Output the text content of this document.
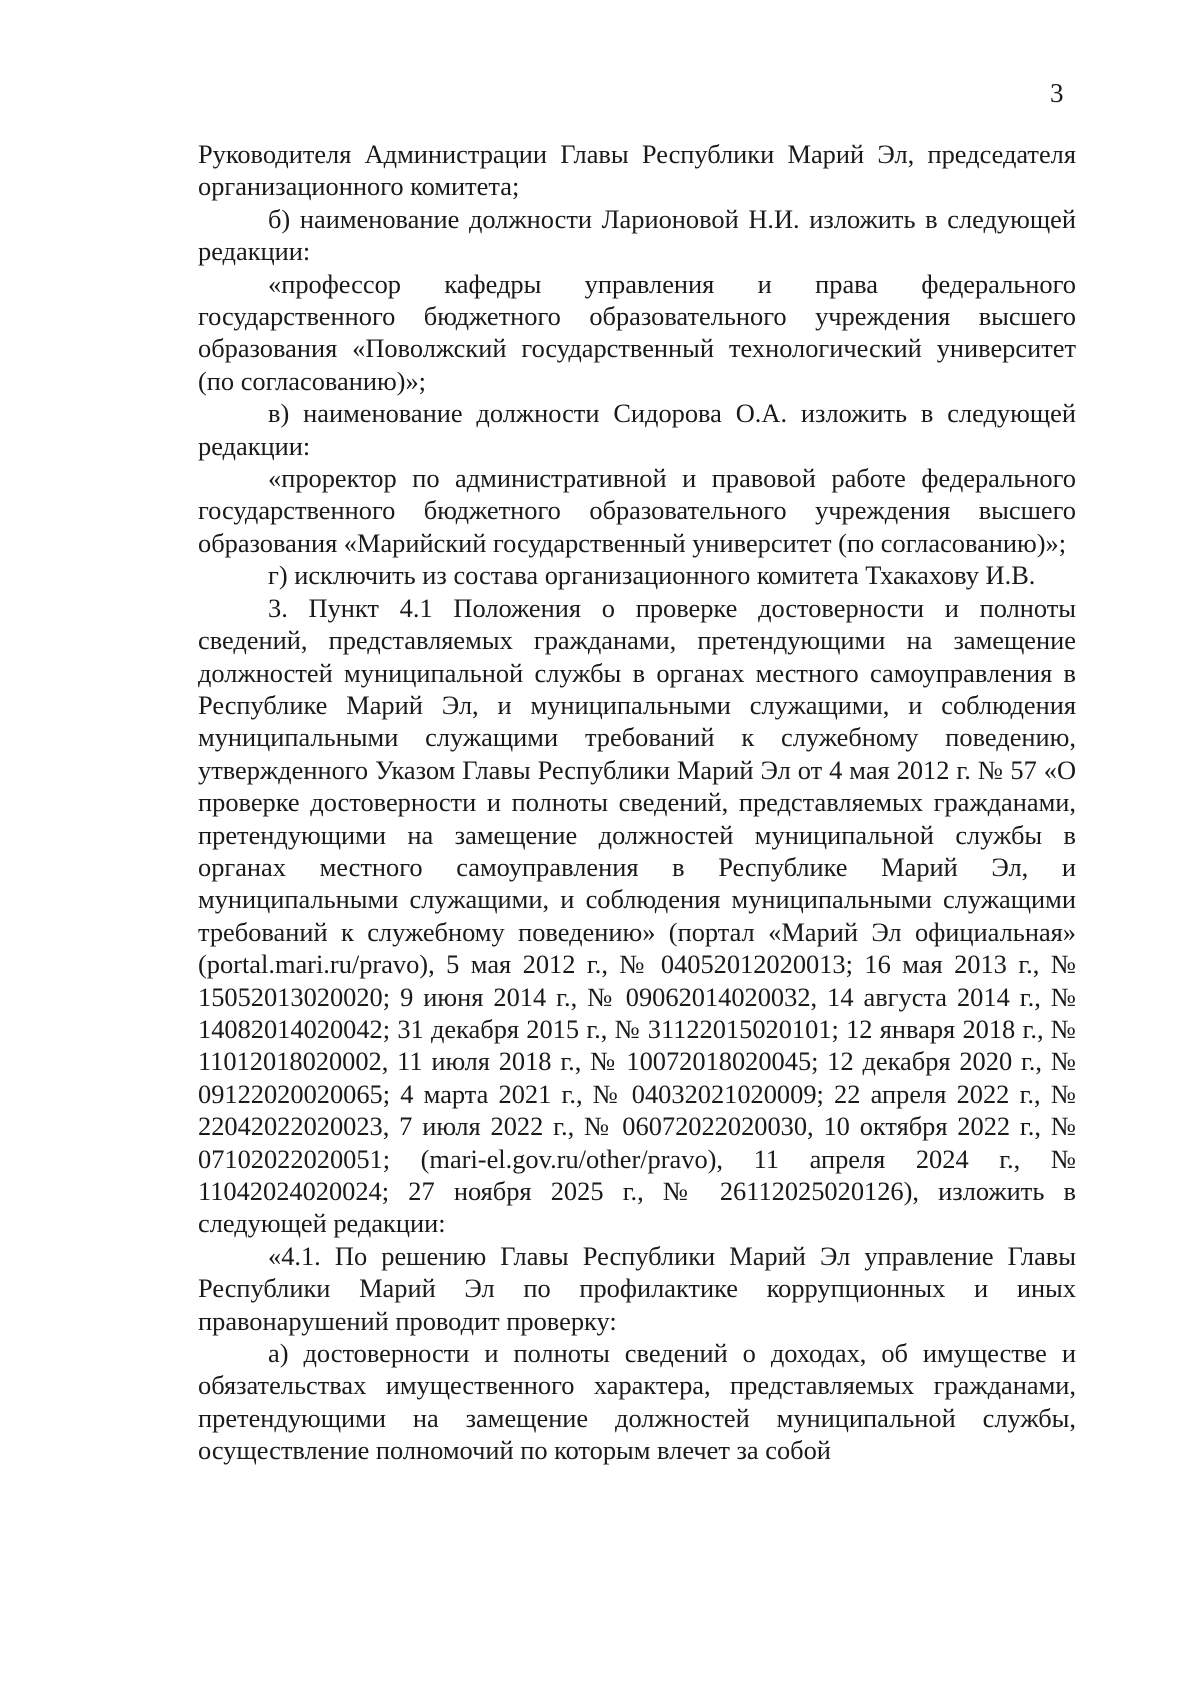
3

Руководителя Администрации Главы Республики Марий Эл, председателя организационного комитета;

б) наименование должности Ларионовой Н.И. изложить в следующей редакции:

«профессор кафедры управления и права федерального государственного бюджетного образовательного учреждения высшего образования «Поволжский государственный технологический университет (по согласованию)»;

в) наименование должности Сидорова О.А. изложить в следующей редакции:

«проректор по административной и правовой работе федерального государственного бюджетного образовательного учреждения высшего образования «Марийский государственный университет (по согласованию)»;

г) исключить из состава организационного комитета Тхакахову И.В.

3. Пункт 4.1 Положения о проверке достоверности и полноты сведений, представляемых гражданами, претендующими на замещение должностей муниципальной службы в органах местного самоуправления в Республике Марий Эл, и муниципальными служащими, и соблюдения муниципальными служащими требований к служебному поведению, утвержденного Указом Главы Республики Марий Эл от 4 мая 2012 г. № 57 «О проверке достоверности и полноты сведений, представляемых гражданами, претендующими на замещение должностей муниципальной службы в органах местного самоуправления в Республике Марий Эл, и муниципальными служащими, и соблюдения муниципальными служащими требований к служебному поведению» (портал «Марий Эл официальная» (portal.mari.ru/pravo), 5 мая 2012 г., № 04052012020013; 16 мая 2013 г., № 15052013020020; 9 июня 2014 г., № 09062014020032, 14 августа 2014 г., № 14082014020042; 31 декабря 2015 г., № 31122015020101; 12 января 2018 г., № 11012018020002, 11 июля 2018 г., № 10072018020045; 12 декабря 2020 г., № 09122020020065; 4 марта 2021 г., № 04032021020009; 22 апреля 2022 г., № 22042022020023, 7 июля 2022 г., № 06072022020030, 10 октября 2022 г., № 07102022020051; (mari-el.gov.ru/other/pravo), 11 апреля 2024 г., № 11042024020024; 27 ноября 2025 г., № 26112025020126), изложить в следующей редакции:

«4.1. По решению Главы Республики Марий Эл управление Главы Республики Марий Эл по профилактике коррупционных и иных правонарушений проводит проверку:

а) достоверности и полноты сведений о доходах, об имуществе и обязательствах имущественного характера, представляемых гражданами, претендующими на замещение должностей муниципальной службы, осуществление полномочий по которым влечет за собой
